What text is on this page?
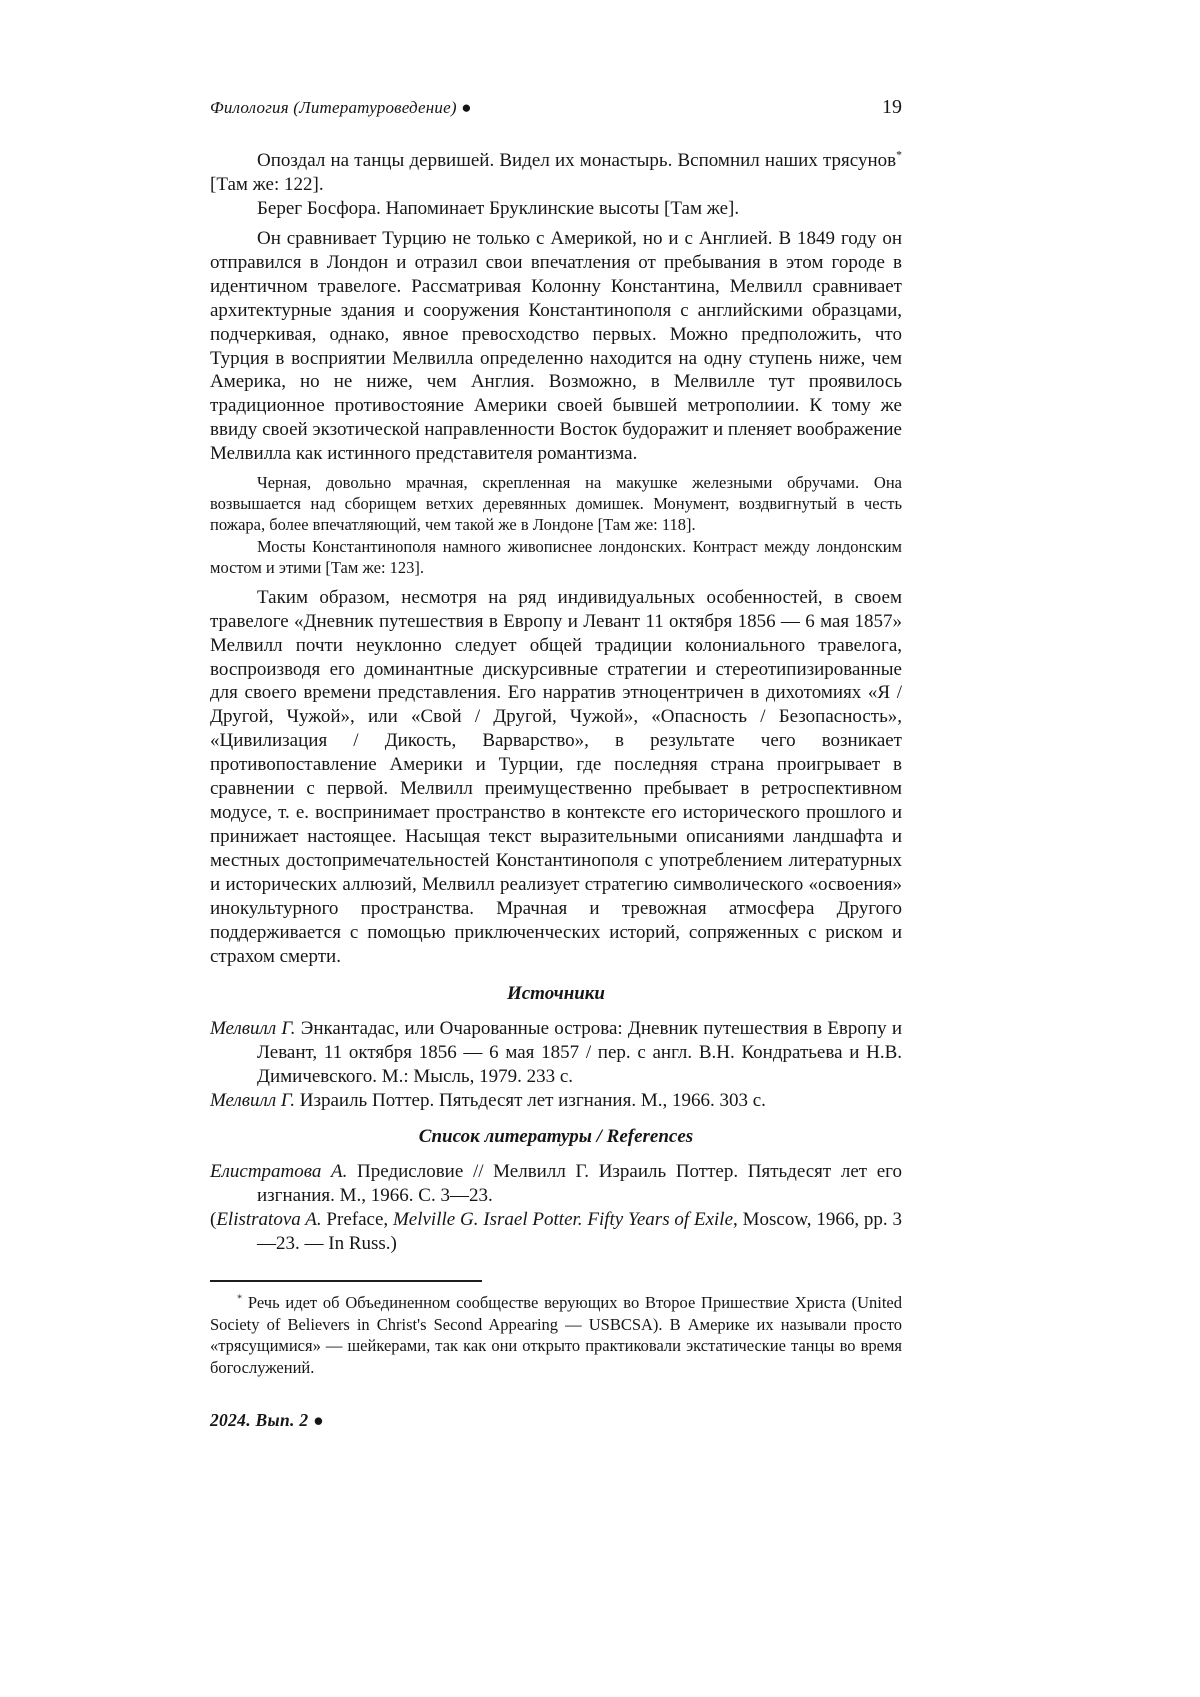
Филология (Литературоведение) ●	19

Опоздал на танцы дервишей. Видел их монастырь. Вспомнил наших трясунов* [Там же: 122].

Берег Босфора. Напоминает Бруклинские высоты [Там же].

Он сравнивает Турцию не только с Америкой, но и с Англией. В 1849 году он отправился в Лондон и отразил свои впечатления от пребывания в этом городе в идентичном травелоге. Рассматривая Колонну Константина, Мелвилл сравнивает архитектурные здания и сооружения Константинополя с английскими образцами, подчеркивая, однако, явное превосходство первых. Можно предположить, что Турция в восприятии Мелвилла определенно находится на одну ступень ниже, чем Америка, но не ниже, чем Англия. Возможно, в Мелвилле тут проявилось традиционное противостояние Америки своей бывшей метрополиии. К тому же ввиду своей экзотической направленности Восток будоражит и пленяет воображение Мелвилла как истинного представителя романтизма.

Черная, довольно мрачная, скрепленная на макушке железными обручами. Она возвышается над сборищем ветхих деревянных домишек. Монумент, воздвигнутый в честь пожара, более впечатляющий, чем такой же в Лондоне [Там же: 118].

Мосты Константинополя намного живописнее лондонских. Контраст между лондонским мостом и этими [Там же: 123].

Таким образом, несмотря на ряд индивидуальных особенностей, в своем травелоге «Дневник путешествия в Европу и Левант 11 октября 1856 — 6 мая 1857» Мелвилл почти неуклонно следует общей традиции колониального травелога, воспроизводя его доминантные дискурсивные стратегии и стереотипизированные для своего времени представления. Его нарратив этноцентричен в дихотомиях «Я / Другой, Чужой», или «Свой / Другой, Чужой», «Опасность / Безопасность», «Цивилизация / Дикость, Варварство», в результате чего возникает противопоставление Америки и Турции, где последняя страна проигрывает в сравнении с первой. Мелвилл преимущественно пребывает в ретроспективном модусе, т. е. воспринимает пространство в контексте его исторического прошлого и принижает настоящее. Насыщая текст выразительными описаниями ландшафта и местных достопримечательностей Константинополя с употреблением литературных и исторических аллюзий, Мелвилл реализует стратегию символического «освоения» инокультурного пространства. Мрачная и тревожная атмосфера Другого поддерживается с помощью приключенческих историй, сопряженных с риском и страхом смерти.

Источники

Мелвилл Г. Энкантадас, или Очарованные острова: Дневник путешествия в Европу и Левант, 11 октября 1856 — 6 мая 1857 / пер. с англ. В.Н. Кондратьева и Н.В. Димичевского. М.: Мысль, 1979. 233 с.

Мелвилл Г. Израиль Поттер. Пятьдесят лет изгнания. М., 1966. 303 с.

Список литературы / References

Елистратова А. Предисловие // Мелвилл Г. Израиль Поттер. Пятьдесят лет его изгнания. М., 1966. С. 3—23.

(Elistratova A. Preface, Melville G. Israel Potter. Fifty Years of Exile, Moscow, 1966, pp. 3—23. — In Russ.)

* Речь идет об Объединенном сообществе верующих во Второе Пришествие Христа (United Society of Believers in Christ's Second Appearing — USBCSA). В Америке их называли просто «трясущимися» — шейкерами, так как они открыто практиковали экстатические танцы во время богослужений.

2024. Вып. 2 ●
